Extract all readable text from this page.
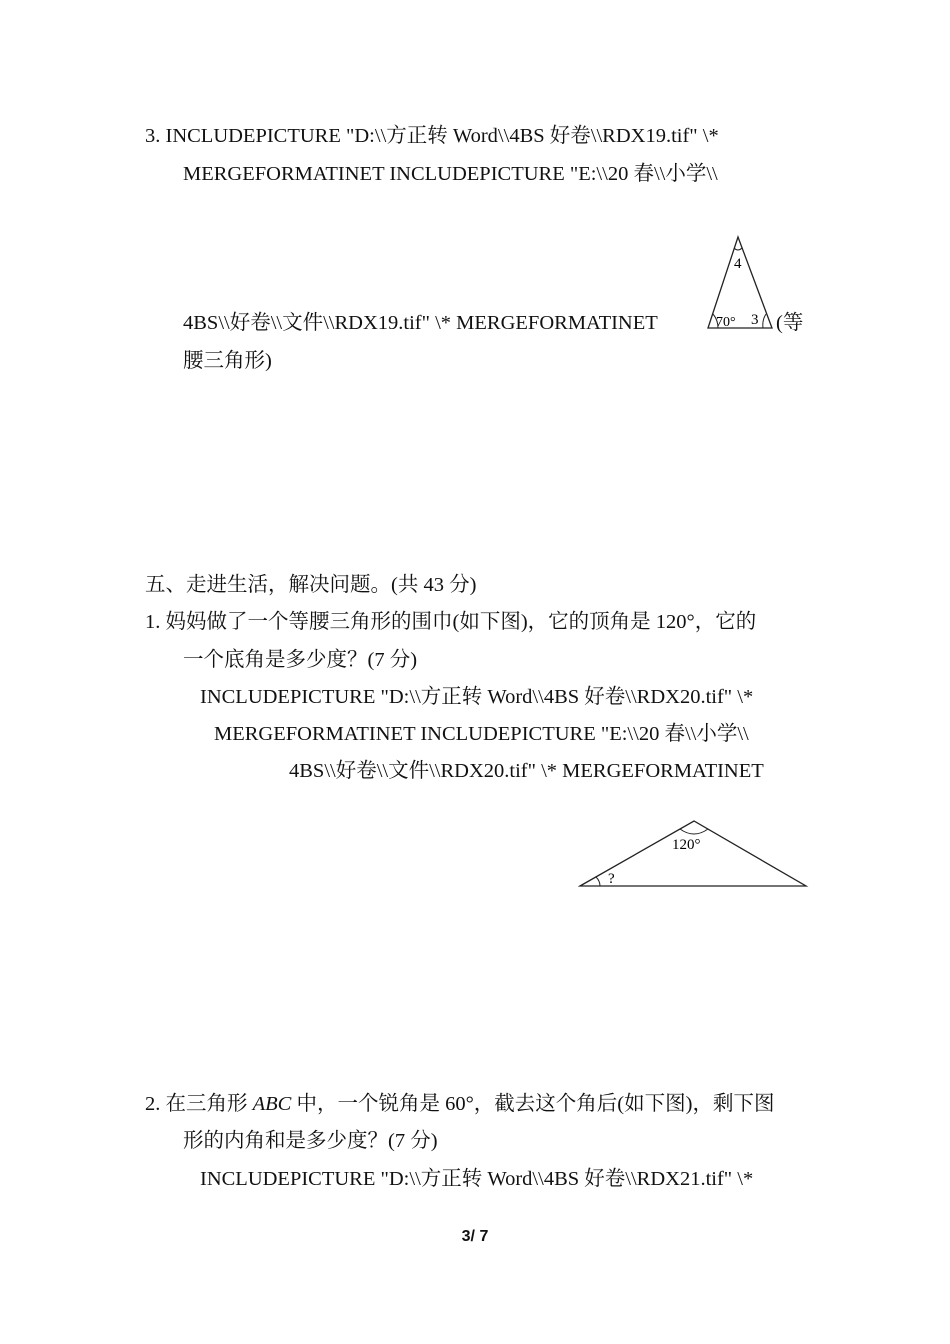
3. INCLUDEPICTURE "D:\\方正转 Word\\4BS 好卷\\RDX19.tif" \*
MERGEFORMATINET INCLUDEPICTURE "E:\\20 春\\小学\\
4
70° 3
4BS\\好卷\\文件\\RDX19.tif" \* MERGEFORMATINET	(等
腰三角形)
五、走进生活，解决问题。(共 43 分)
1. 妈妈做了一个等腰三角形的围巾(如下图)，它的顶角是 120°，它的
一个底角是多少度？(7 分)
INCLUDEPICTURE "D:\\方正转 Word\\4BS 好卷\\RDX20.tif" \*
MERGEFORMATINET INCLUDEPICTURE "E:\\20 春\\小学\\
4BS\\好卷\\文件\\RDX20.tif" \* MERGEFORMATINET
120°
?
2. 在三角形 ABC 中，一个锐角是 60°，截去这个角后(如下图)，剩下图
形的内角和是多少度？(7 分)
INCLUDEPICTURE "D:\\方正转 Word\\4BS 好卷\\RDX21.tif" \*
3/ 7
